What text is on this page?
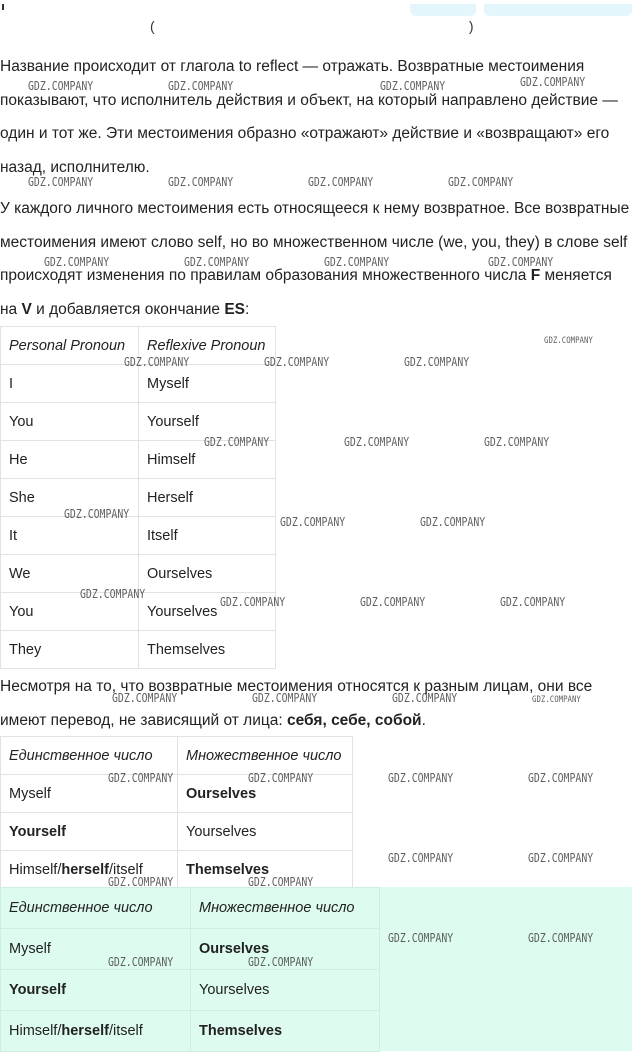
(                                                     )

Название происходит от глагола to reflect — отражать. Возвратные местоимения показывают, что исполнитель действия и объект, на который направлено действие — один и тот же. Эти местоимения образно «отражают» действие и «возвращают» его назад, исполнителю.

У каждого личного местоимения есть относящееся к нему возвратное. Все возвратные местоимения имеют слово self, но во множественном числе (we, you, they) в слове self происходят изменения по правилам образования множественного числа F меняется на V и добавляется окончание ES:

Personal Pronoun	Reflexive Pronoun
I	Myself
You	Yourself
He	Himself
She	Herself
It	Itself
We	Ourselves
You	Yourselves
They	Themselves

Несмотря на то, что возвратные местоимения относятся к разным лицам, они все имеют перевод, не зависящий от лица: себя, себе, собой.

Единственное число	Множественное число
Myself	Ourselves
Yourself	Yourselves
Himself/herself/itself	Themselves
Единственное число	Множественное число
Myself	Ourselves
Yourself	Yourselves
Himself/herself/itself	Themselves
GDZ.COMPANY	GDZ.COMPANY	GDZ.COMPANY	GDZ.COMPANY
GDZ.COMPANY	GDZ.COMPANY	GDZ.COMPANY	GDZ.COMPANY
GDZ.COMPANY	GDZ.COMPANY	GDZ.COMPANY	GDZ.COMPANY
GDZ.COMPANY
GDZ.COMPANY	GDZ.COMPANY	GDZ.COMPANY
GDZ.COMPANY	GDZ.COMPANY	GDZ.COMPANY
GDZ.COMPANY
GDZ.COMPANY	GDZ.COMPANY
GDZ.COMPANY
GDZ.COMPANY	GDZ.COMPANY	GDZ.COMPANY
GDZ.COMPANY	GDZ.COMPANY	GDZ.COMPANY	GDZ.COMPANY
GDZ.COMPANY	GDZ.COMPANY	GDZ.COMPANY	GDZ.COMPANY
GDZ.COMPANY	GDZ.COMPANY
GDZ.COMPANY	GDZ.COMPANY
GDZ.COMPANY	GDZ.COMPANY
GDZ.COMPANY	GDZ.COMPANY
